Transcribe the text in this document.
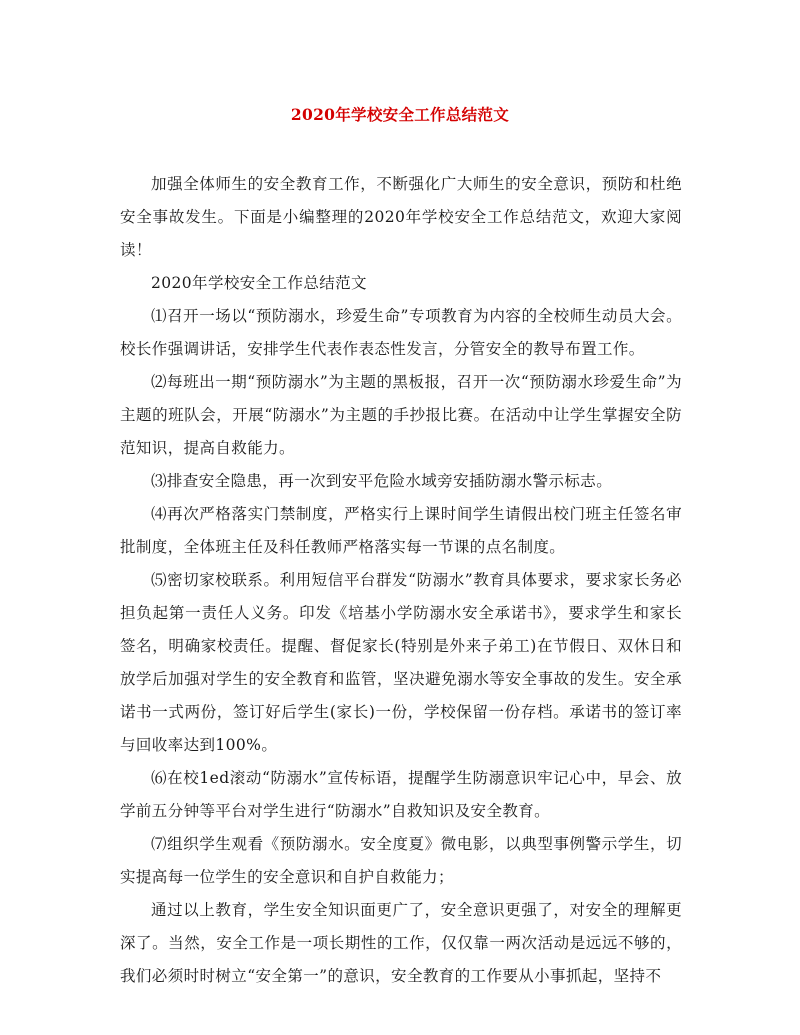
2020年学校安全工作总结范文

加强全体师生的安全教育工作，不断强化广大师生的安全意识，预防和杜绝安全事故发生。下面是小编整理的2020年学校安全工作总结范文，欢迎大家阅读！

2020年学校安全工作总结范文

⑴召开一场以“预防溺水，珍爱生命”专项教育为内容的全校师生动员大会。校长作强调讲话，安排学生代表作表态性发言，分管安全的教导布置工作。

⑵每班出一期“预防溺水”为主题的黑板报，召开一次“预防溺水珍爱生命”为主题的班队会，开展“防溺水”为主题的手抄报比赛。在活动中让学生掌握安全防范知识，提高自救能力。

⑶排查安全隐患，再一次到安平危险水域旁安插防溺水警示标志。

⑷再次严格落实门禁制度，严格实行上课时间学生请假出校门班主任签名审批制度，全体班主任及科任教师严格落实每一节课的点名制度。

⑸密切家校联系。利用短信平台群发“防溺水”教育具体要求，要求家长务必担负起第一责任人义务。印发《培基小学防溺水安全承诺书》，要求学生和家长签名，明确家校责任。提醒、督促家长(特别是外来子弟工)在节假日、双休日和放学后加强对学生的安全教育和监管，坚决避免溺水等安全事故的发生。安全承诺书一式两份，签订好后学生(家长)一份，学校保留一份存档。承诺书的签订率与回收率达到100%。

⑹在校1ed滚动“防溺水”宣传标语，提醒学生防溺意识牢记心中，早会、放学前五分钟等平台对学生进行“防溺水”自救知识及安全教育。

⑺组织学生观看《预防溺水。安全度夏》微电影，以典型事例警示学生，切实提高每一位学生的安全意识和自护自救能力；

通过以上教育，学生安全知识面更广了，安全意识更强了，对安全的理解更深了。当然，安全工作是一项长期性的工作，仅仅靠一两次活动是远远不够的，我们必须时时树立“安全第一”的意识，安全教育的工作要从小事抓起，坚持不
